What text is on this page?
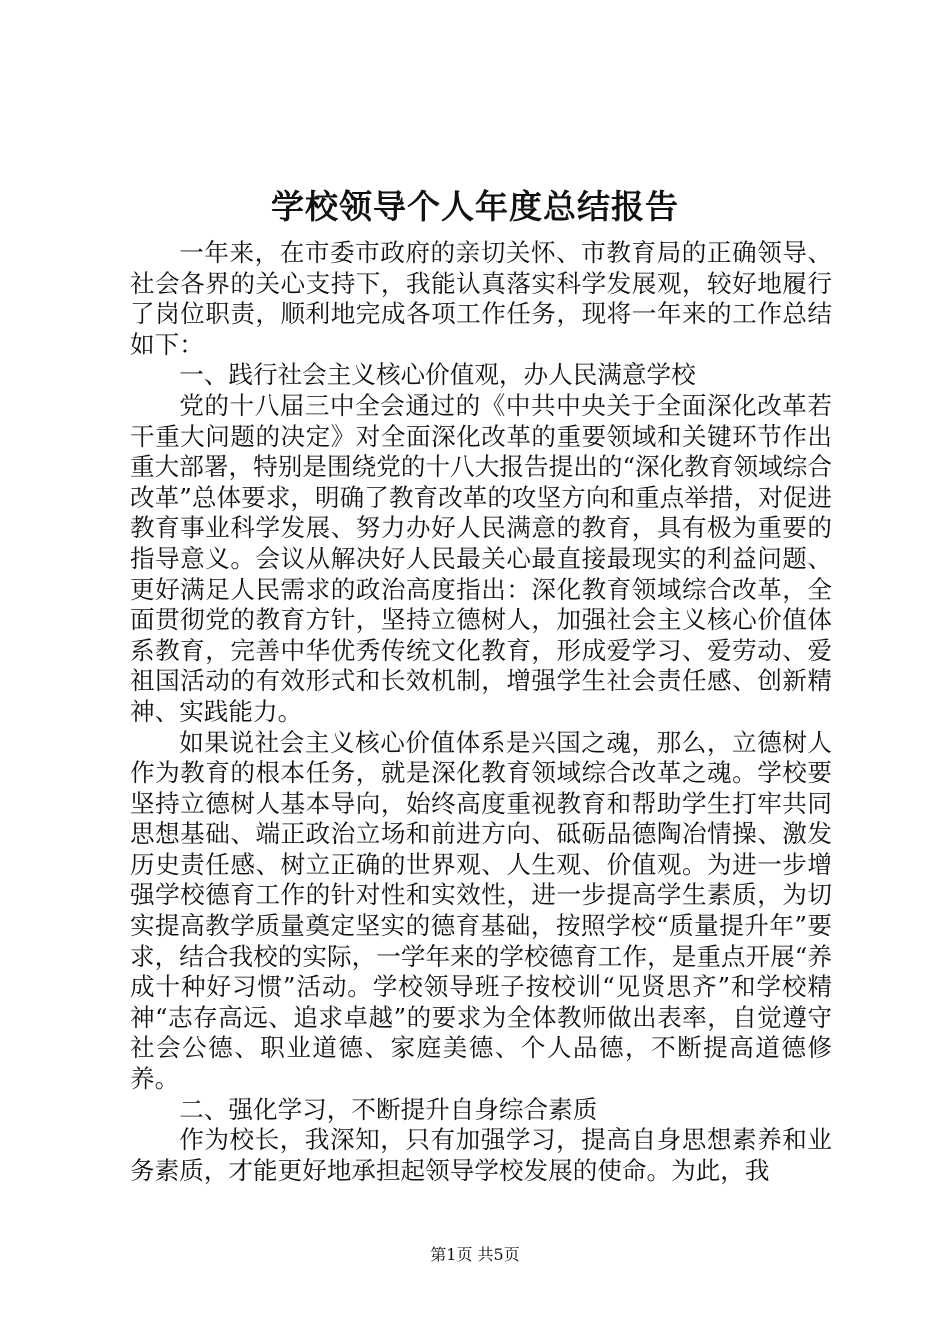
学校领导个人年度总结报告

一年来，在市委市政府的亲切关怀、市教育局的正确领导、社会各界的关心支持下，我能认真落实科学发展观，较好地履行了岗位职责，顺利地完成各项工作任务，现将一年来的工作总结如下：

一、践行社会主义核心价值观，办人民满意学校

党的十八届三中全会通过的《中共中央关于全面深化改革若干重大问题的决定》对全面深化改革的重要领域和关键环节作出重大部署，特别是围绕党的十八大报告提出的“深化教育领域综合改革”总体要求，明确了教育改革的攻坚方向和重点举措，对促进教育事业科学发展、努力办好人民满意的教育，具有极为重要的指导意义。会议从解决好人民最关心最直接最现实的利益问题、更好满足人民需求的政治高度指出：深化教育领域综合改革，全面贯彻党的教育方针，坚持立德树人，加强社会主义核心价值体系教育，完善中华优秀传统文化教育，形成爱学习、爱劳动、爱祖国活动的有效形式和长效机制，增强学生社会责任感、创新精神、实践能力。

如果说社会主义核心价值体系是兴国之魂，那么，立德树人作为教育的根本任务，就是深化教育领域综合改革之魂。学校要坚持立德树人基本导向，始终高度重视教育和帮助学生打牢共同思想基础、端正政治立场和前进方向、砥砺品德陶冶情操、激发历史责任感、树立正确的世界观、人生观、价值观。为进一步增强学校德育工作的针对性和实效性，进一步提高学生素质，为切实提高教学质量奠定坚实的德育基础，按照学校“质量提升年”要求，结合我校的实际，一学年来的学校德育工作，是重点开展“养成十种好习惯”活动。学校领导班子按校训“见贤思齐”和学校精神“志存高远、追求卓越”的要求为全体教师做出表率，自觉遵守社会公德、职业道德、家庭美德、个人品德，不断提高道德修养。

二、强化学习，不断提升自身综合素质

作为校长，我深知，只有加强学习，提高自身思想素养和业务素质，才能更好地承担起领导学校发展的使命。为此，我

第1页 共5页
